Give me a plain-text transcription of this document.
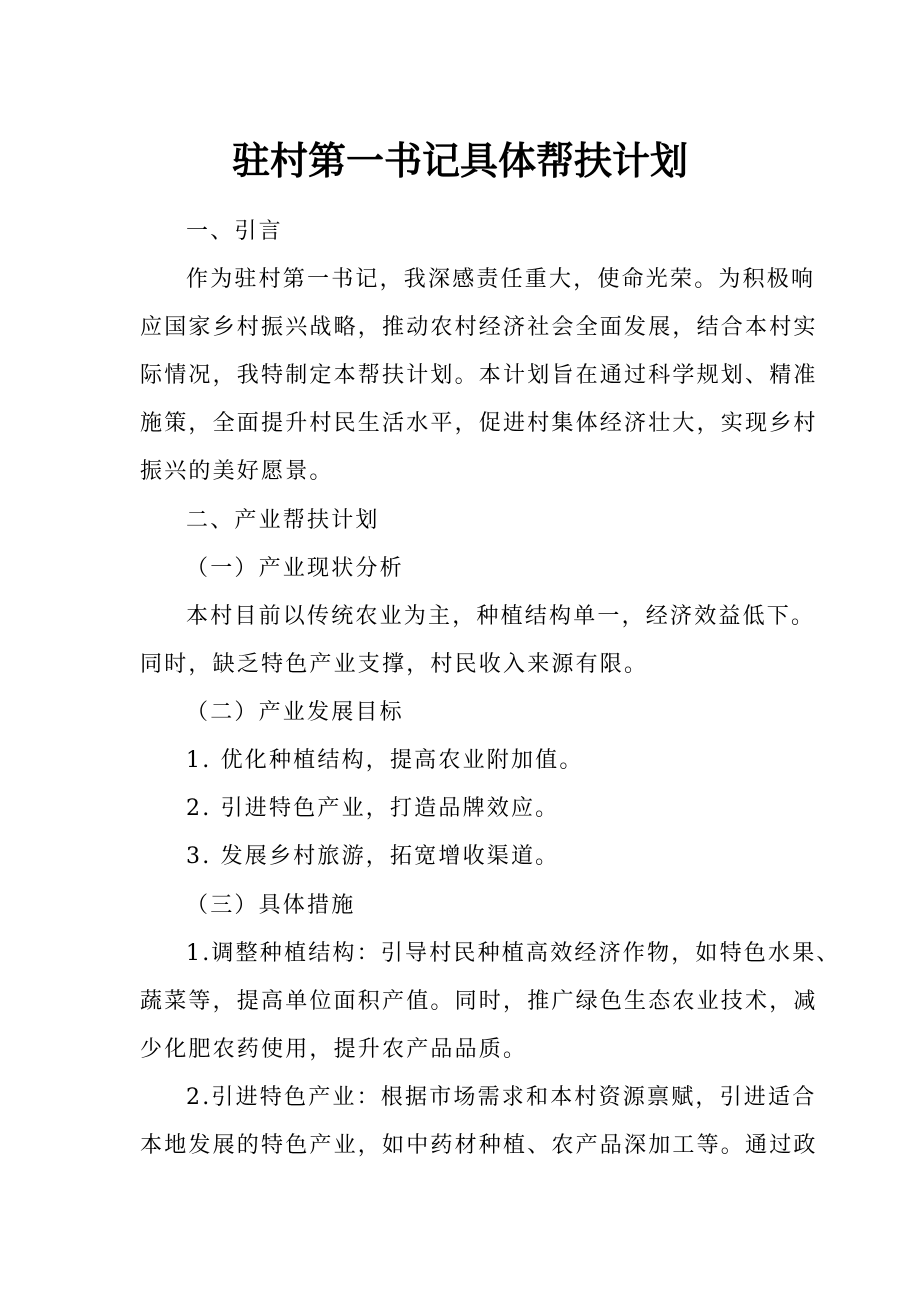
驻村第一书记具体帮扶计划
一、引言
作为驻村第一书记，我深感责任重大，使命光荣。为积极响
应国家乡村振兴战略，推动农村经济社会全面发展，结合本村实
际情况，我特制定本帮扶计划。本计划旨在通过科学规划、精准
施策，全面提升村民生活水平，促进村集体经济壮大，实现乡村
振兴的美好愿景。
二、产业帮扶计划
（一）产业现状分析
本村目前以传统农业为主，种植结构单一，经济效益低下。
同时，缺乏特色产业支撑，村民收入来源有限。
（二）产业发展目标
1. 优化种植结构，提高农业附加值。
2. 引进特色产业，打造品牌效应。
3. 发展乡村旅游，拓宽增收渠道。
（三）具体措施
1.调整种植结构：引导村民种植高效经济作物，如特色水果、
蔬菜等，提高单位面积产值。同时，推广绿色生态农业技术，减
少化肥农药使用，提升农产品品质。
2.引进特色产业：根据市场需求和本村资源禀赋，引进适合
本地发展的特色产业，如中药材种植、农产品深加工等。通过政
